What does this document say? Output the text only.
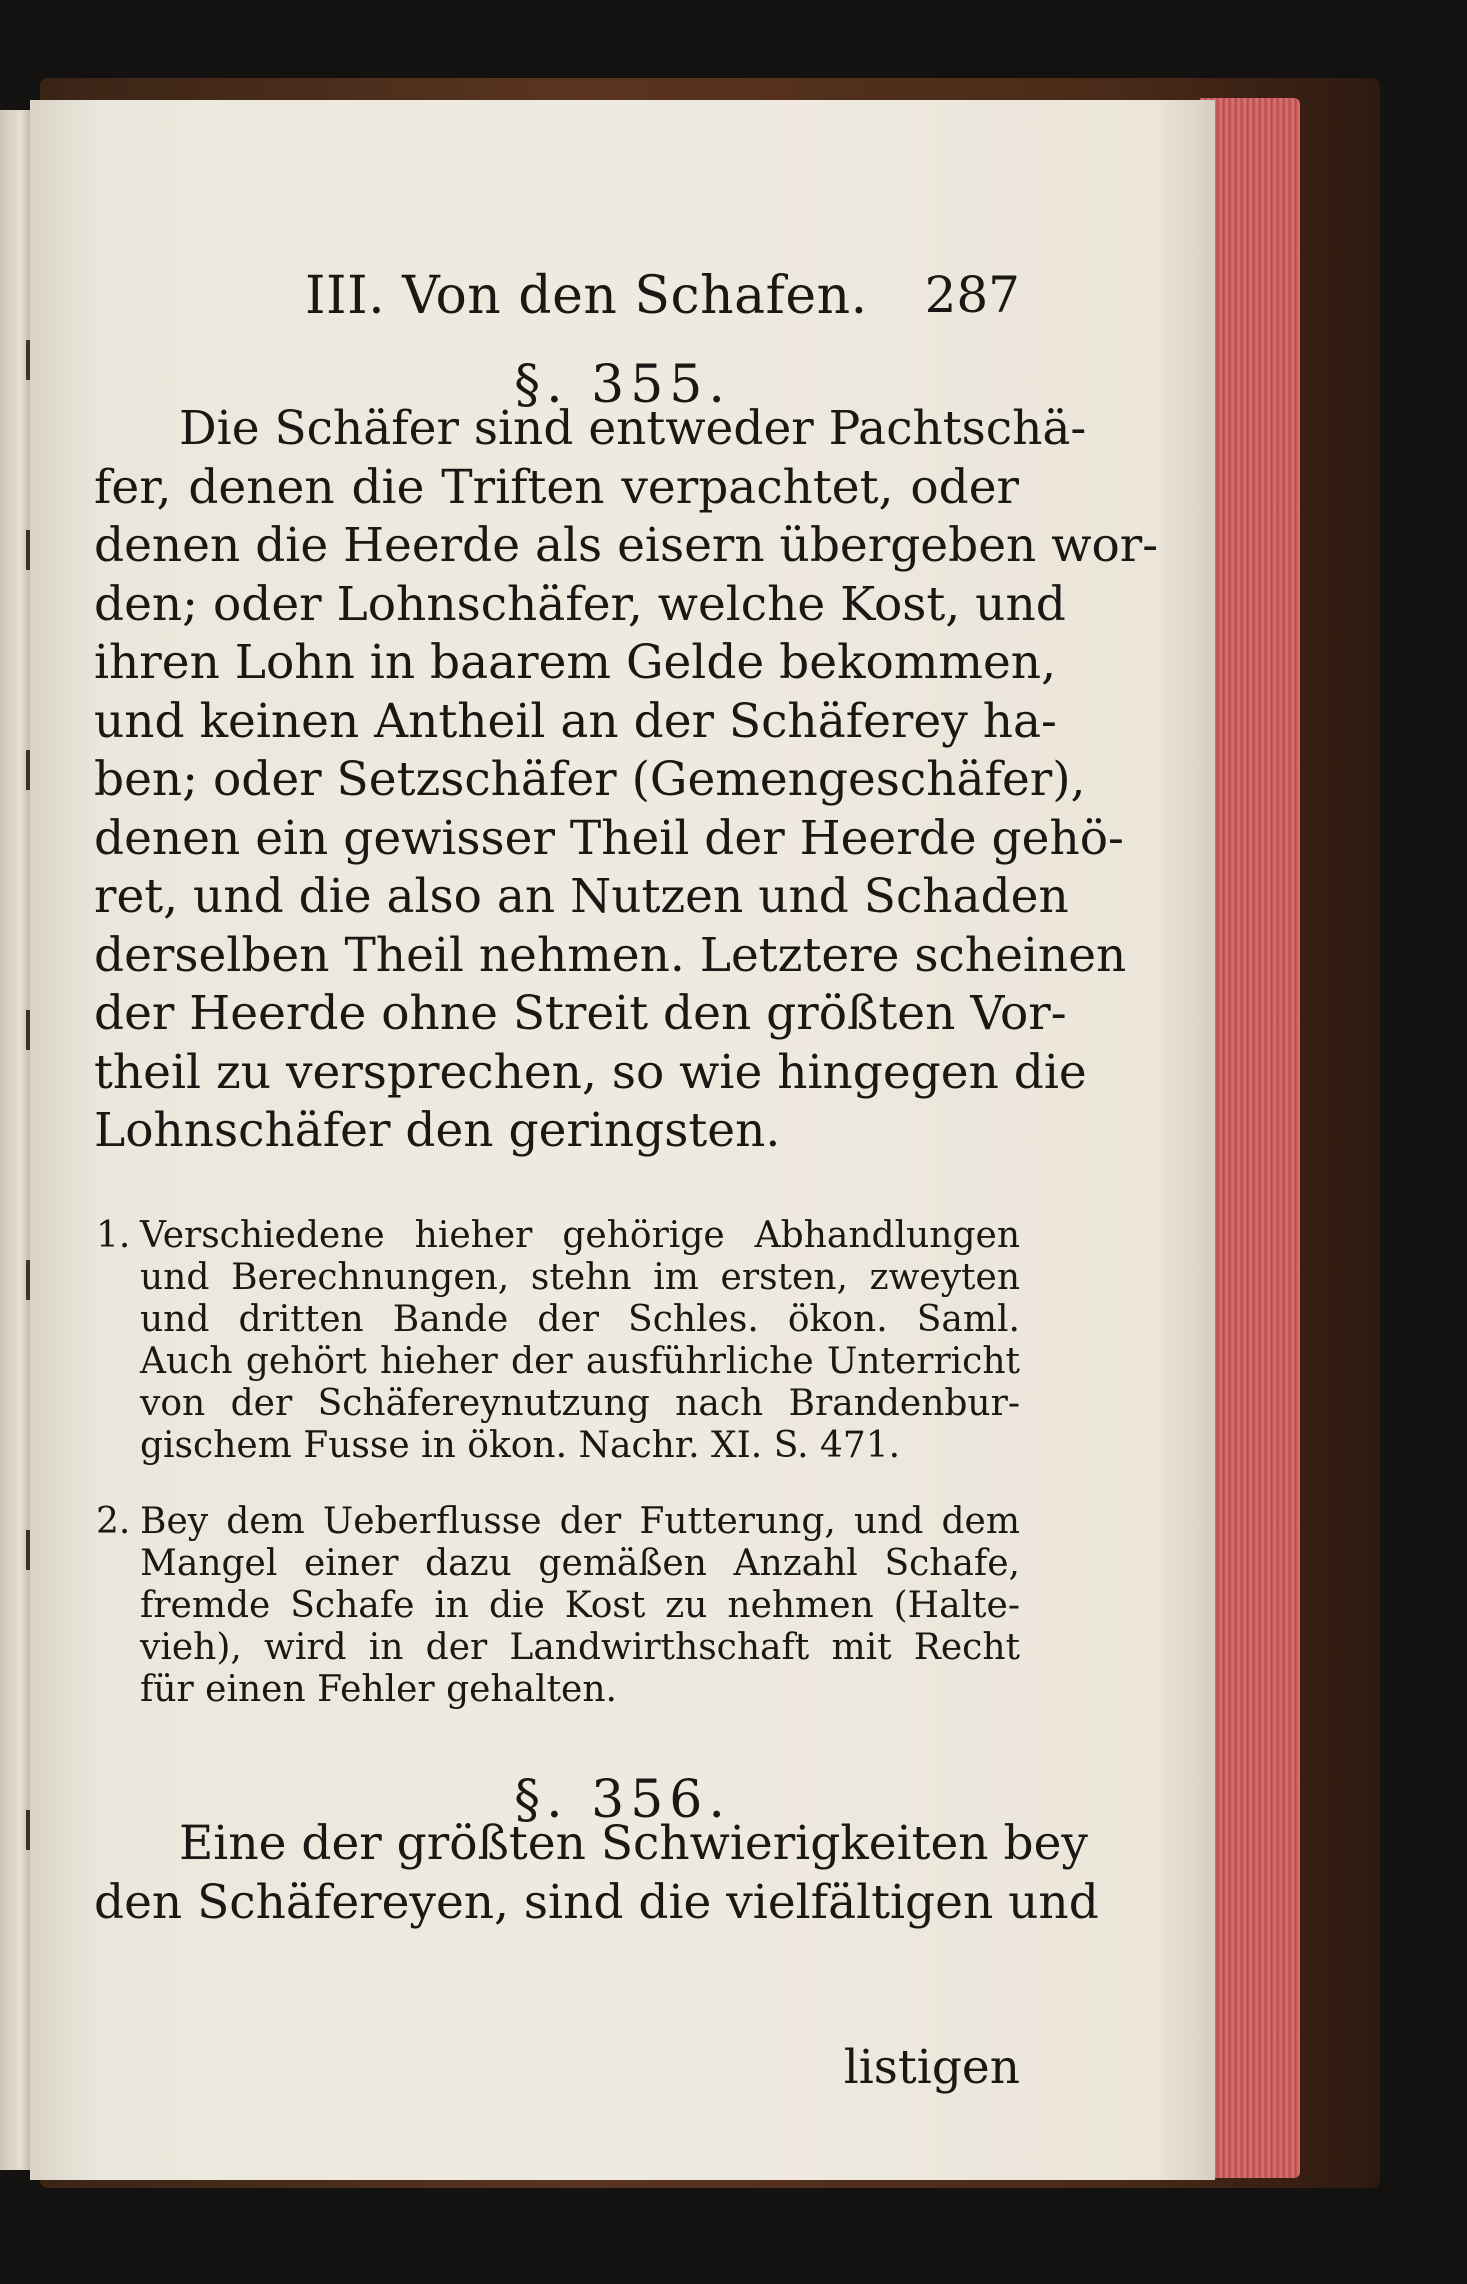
III. Von den Schafen. 287
§. 355.
Die Schäfer sind entweder Pachtschä-
fer, denen die Triften verpachtet, oder
denen die Heerde als eisern übergeben wor-
den; oder Lohnschäfer, welche Kost, und
ihren Lohn in baarem Gelde bekommen,
und keinen Antheil an der Schäferey ha-
ben; oder Setzschäfer (Gemengeschäfer),
denen ein gewisser Theil der Heerde gehö-
ret, und die also an Nutzen und Schaden
derselben Theil nehmen. Letztere scheinen
der Heerde ohne Streit den größten Vor-
theil zu versprechen, so wie hingegen die
Lohnschäfer den geringsten.
1. Verschiedene hieher gehörige Abhandlungen
und Berechnungen, stehn im ersten, zweyten
und dritten Bande der Schles. ökon. Saml.
Auch gehört hieher der ausführliche Unterricht
von der Schäfereynutzung nach Brandenbur-
gischem Fusse in ökon. Nachr. XI. S. 471.
2. Bey dem Ueberflusse der Futterung, und dem
Mangel einer dazu gemäßen Anzahl Schafe,
fremde Schafe in die Kost zu nehmen (Halte-
vieh), wird in der Landwirthschaft mit Recht
für einen Fehler gehalten.
§. 356.
Eine der größten Schwierigkeiten bey
den Schäfereyen, sind die vielfältigen und
listigen
